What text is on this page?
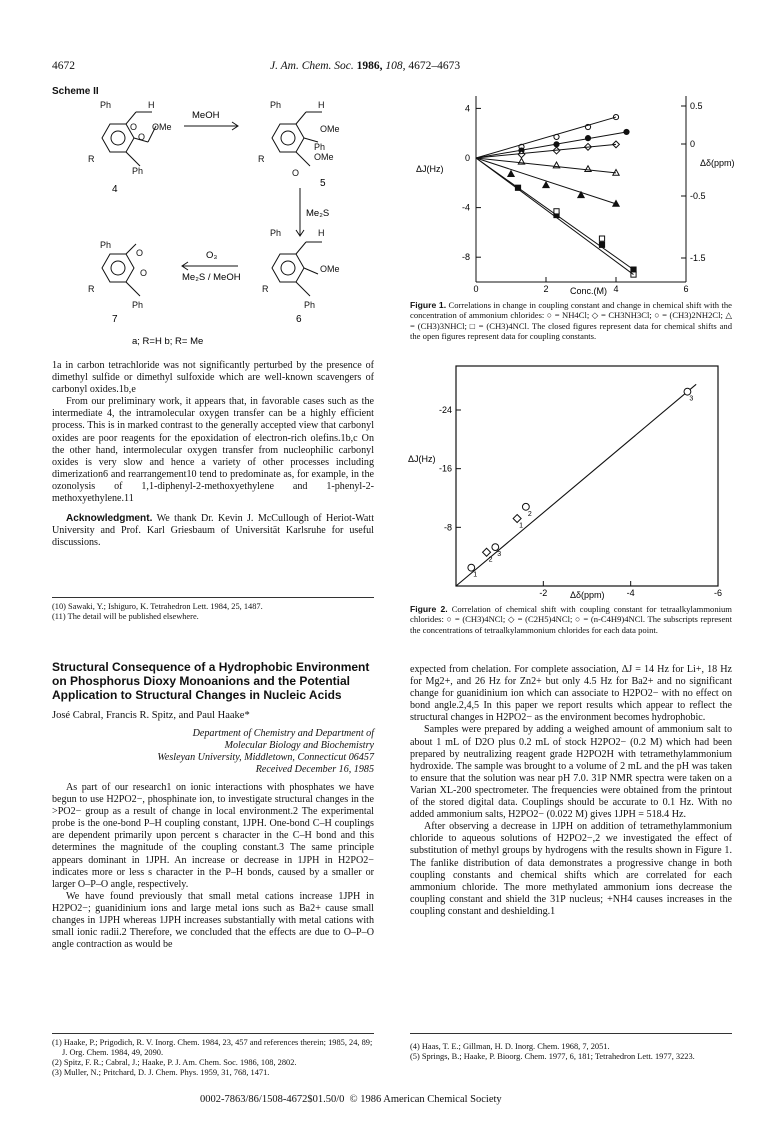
4672	J. Am. Chem. Soc. 1986, 108, 4672–4673
Scheme II
Ph	H
OMe
O
O
R
Ph
Ph	H
OMe
Ph
OMe
R
O
Ph
O
O
R
Ph
Ph	H
OMe
R
Ph
MeOH
Me₂S
O₃
Me₂S / MeOH
4
5
7	6
a; R=H b; R= Me

1a in carbon tetrachloride was not significantly perturbed by the presence of dimethyl sulfide or dimethyl sulfoxide which are well-known scavengers of carbonyl oxides.1b,e

From our preliminary work, it appears that, in favorable cases such as the intermediate 4, the intramolecular oxygen transfer can be a highly efficient process. This is in marked contrast to the generally accepted view that carbonyl oxides are poor reagents for the epoxidation of electron-rich olefins.1b,c On the other hand, intermolecular oxygen transfer from nucleophilic carbonyl oxides is very slow and hence a variety of other processes including dimerization6 and rearrangement10 tend to predominate as, for example, in the ozonolysis of 1,1-diphenyl-2-methoxyethylene and 1-phenyl-2-methoxyethylene.11

Acknowledgment. We thank Dr. Kevin J. McCullough of Heriot-Watt University and Prof. Karl Griesbaum of Universität Karlsruhe for useful discussions.

(10) Sawaki, Y.; Ishiguro, K. Tetrahedron Lett. 1984, 25, 1487.
(11) The detail will be published elsewhere.
Structural Consequence of a Hydrophobic Environment on Phosphorus Dioxy Monoanions and the Potential Application to Structural Changes in Nucleic Acids
José Cabral, Francis R. Spitz, and Paul Haake*
Department of Chemistry and Department of
Molecular Biology and Biochemistry
Wesleyan University, Middletown, Connecticut 06457
Received December 16, 1985

As part of our research1 on ionic interactions with phosphates we have begun to use H2PO2−, phosphinate ion, to investigate structural changes in the >PO2− group as a result of change in local environment.2 The experimental probe is the one-bond P–H coupling constant, 1JPH. One-bond C–H couplings are dependent primarily upon percent s character in the C–H bond and this determines the magnitude of the coupling constant.3 The same principle appears dominant in 1JPH. An increase or decrease in 1JPH in H2PO2− indicates more or less s character in the P–H bonds, caused by a smaller or larger O–P–O angle, respectively.

We have found previously that small metal cations increase 1JPH in H2PO2−; guanidinium ions and large metal ions such as Ba2+ cause small changes in 1JPH whereas 1JPH increases substantially with metal cations with small ionic radii.2 Therefore, we concluded that the effects are due to O–P–O angle contraction as would be

(1) Haake, P.; Prigodich, R. V. Inorg. Chem. 1984, 23, 457 and references therein; 1985, 24, 89; J. Org. Chem. 1984, 49, 2090.
(2) Spitz, F. R.; Cabral, J.; Haake, P. J. Am. Chem. Soc. 1986, 108, 2802.
(3) Muller, N.; Pritchard, D. J. Chem. Phys. 1959, 31, 768, 1471.
4
0
-4
-8
0	2	4	6
0.5
0
-0.5
-1.5
ΔJ(Hz)
Δδ(ppm)
Conc.(M)
Figure 1. Correlations in change in coupling constant and change in chemical shift with the concentration of ammonium chlorides: ○ = NH4Cl; ◇ = CH3NH3Cl; ○ = (CH3)2NH2Cl; △ = (CH3)3NHCl; □ = (CH3)4NCl. The closed figures represent data for chemical shifts and the open figures represent data for coupling constants.
-24
-16
-8
-2	-4	-6
1
2
3
1
2
3
ΔJ(Hz)
Δδ(ppm)
Figure 2. Correlation of chemical shift with coupling constant for tetraalkylammonium chlorides: ○ = (CH3)4NCl; ◇ = (C2H5)4NCl; ○ = (n-C4H9)4NCl. The subscripts represent the concentrations of tetraalkylammonium chlorides for each data point.

expected from chelation. For complete association, ΔJ = 14 Hz for Li+, 18 Hz for Mg2+, and 26 Hz for Zn2+ but only 4.5 Hz for Ba2+ and no significant change for guanidinium ion which can associate to H2PO2− with no effect on bond angle.2,4,5 In this paper we report results which appear to reflect the structural changes in H2PO2− as the environment becomes hydrophobic.

Samples were prepared by adding a weighed amount of ammonium salt to about 1 mL of D2O plus 0.2 mL of stock H2PO2− (0.2 M) which had been prepared by neutralizing reagent grade H2PO2H with tetramethylammonium hydroxide. The sample was brought to a volume of 2 mL and the pH was taken to ensure that the solution was near pH 7.0. 31P NMR spectra were taken on a Varian XL-200 spectrometer. The frequencies were obtained from the printout of the stored digital data. Couplings should be accurate to 0.1 Hz. With no added ammonium salts, H2PO2− (0.022 M) gives 1JPH = 518.4 Hz.

After observing a decrease in 1JPH on addition of tetramethylammonium chloride to aqueous solutions of H2PO2−,2 we investigated the effect of substitution of methyl groups by hydrogens with the results shown in Figure 1. The fanlike distribution of data demonstrates a progressive change in both coupling constants and chemical shifts which are correlated for each ammonium chloride. The more methylated ammonium ions decrease the coupling constant and shield the 31P nucleus; +NH4 causes increases in the coupling constant and deshielding.1

(4) Haas, T. E.; Gillman, H. D. Inorg. Chem. 1968, 7, 2051.
(5) Springs, B.; Haake, P. Bioorg. Chem. 1977, 6, 181; Tetrahedron Lett. 1977, 3223.
0002-7863/86/1508-4672$01.50/0  © 1986 American Chemical Society
